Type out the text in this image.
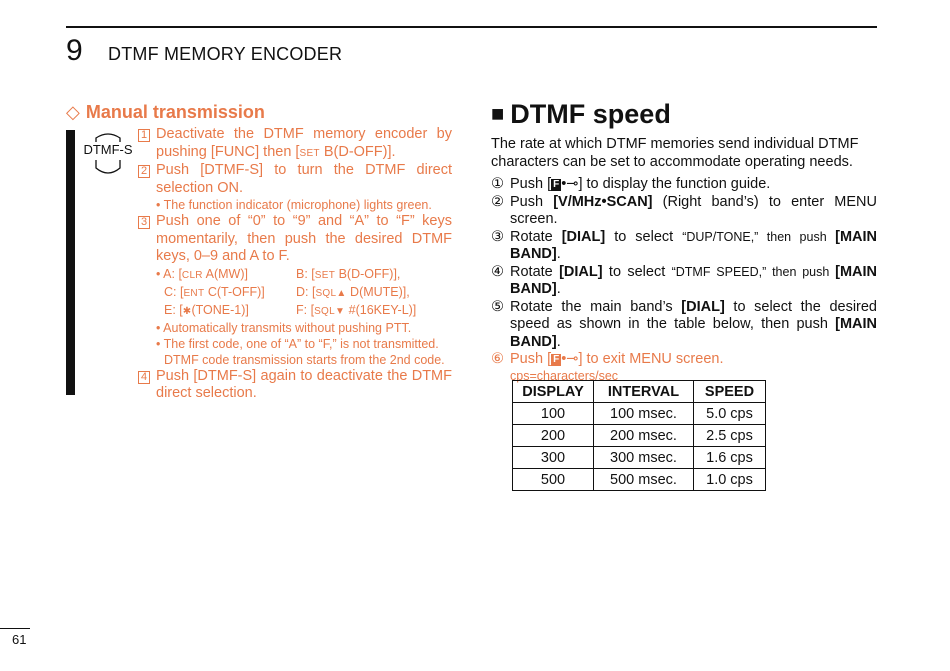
9 DTMF MEMORY ENCODER
◇ Manual transmission
DTMF-S
1 Deactivate the DTMF memory encoder by pushing [FUNC] then [SET B(D-OFF)].
2 Push [DTMF-S] to turn the DTMF direct selection ON.
• The function indicator (microphone) lights green.
3 Push one of “0” to “9” and “A” to “F” keys momentarily, then push the desired DTMF keys, 0–9 and A to F.
• A: [CLR A(MW)]	B: [SET B(D-OFF)],
C: [ENT C(T-OFF)]	D: [SQL▲ D(MUTE)],
E: [✱(TONE-1)]	F: [SQL▼ #(16KEY-L)]
• Automatically transmits without pushing PTT.
• The first code, one of “A” to “F,” is not transmitted.
DTMF code transmission starts from the 2nd code.
4 Push [DTMF-S] again to deactivate the DTMF direct selection.
■ DTMF speed
The rate at which DTMF memories send individual DTMF characters can be set to accommodate operating needs.
① Push [ F •⊸] to display the function guide.
② Push [V/MHz•SCAN] (Right band’s) to enter MENU screen.
③ Rotate [DIAL] to select “DUP/TONE,” then push [MAIN BAND].
④ Rotate [DIAL] to select “DTMF SPEED,” then push [MAIN BAND].
⑤ Rotate the main band’s [DIAL] to select the desired speed as shown in the table below, then push [MAIN BAND].
⑥ Push [ F •⊸] to exit MENU screen.
cps=characters/sec
DISPLAY	INTERVAL	SPEED
100	100 msec.	5.0 cps
200	200 msec.	2.5 cps
300	300 msec.	1.6 cps
500	500 msec.	1.0 cps
61
